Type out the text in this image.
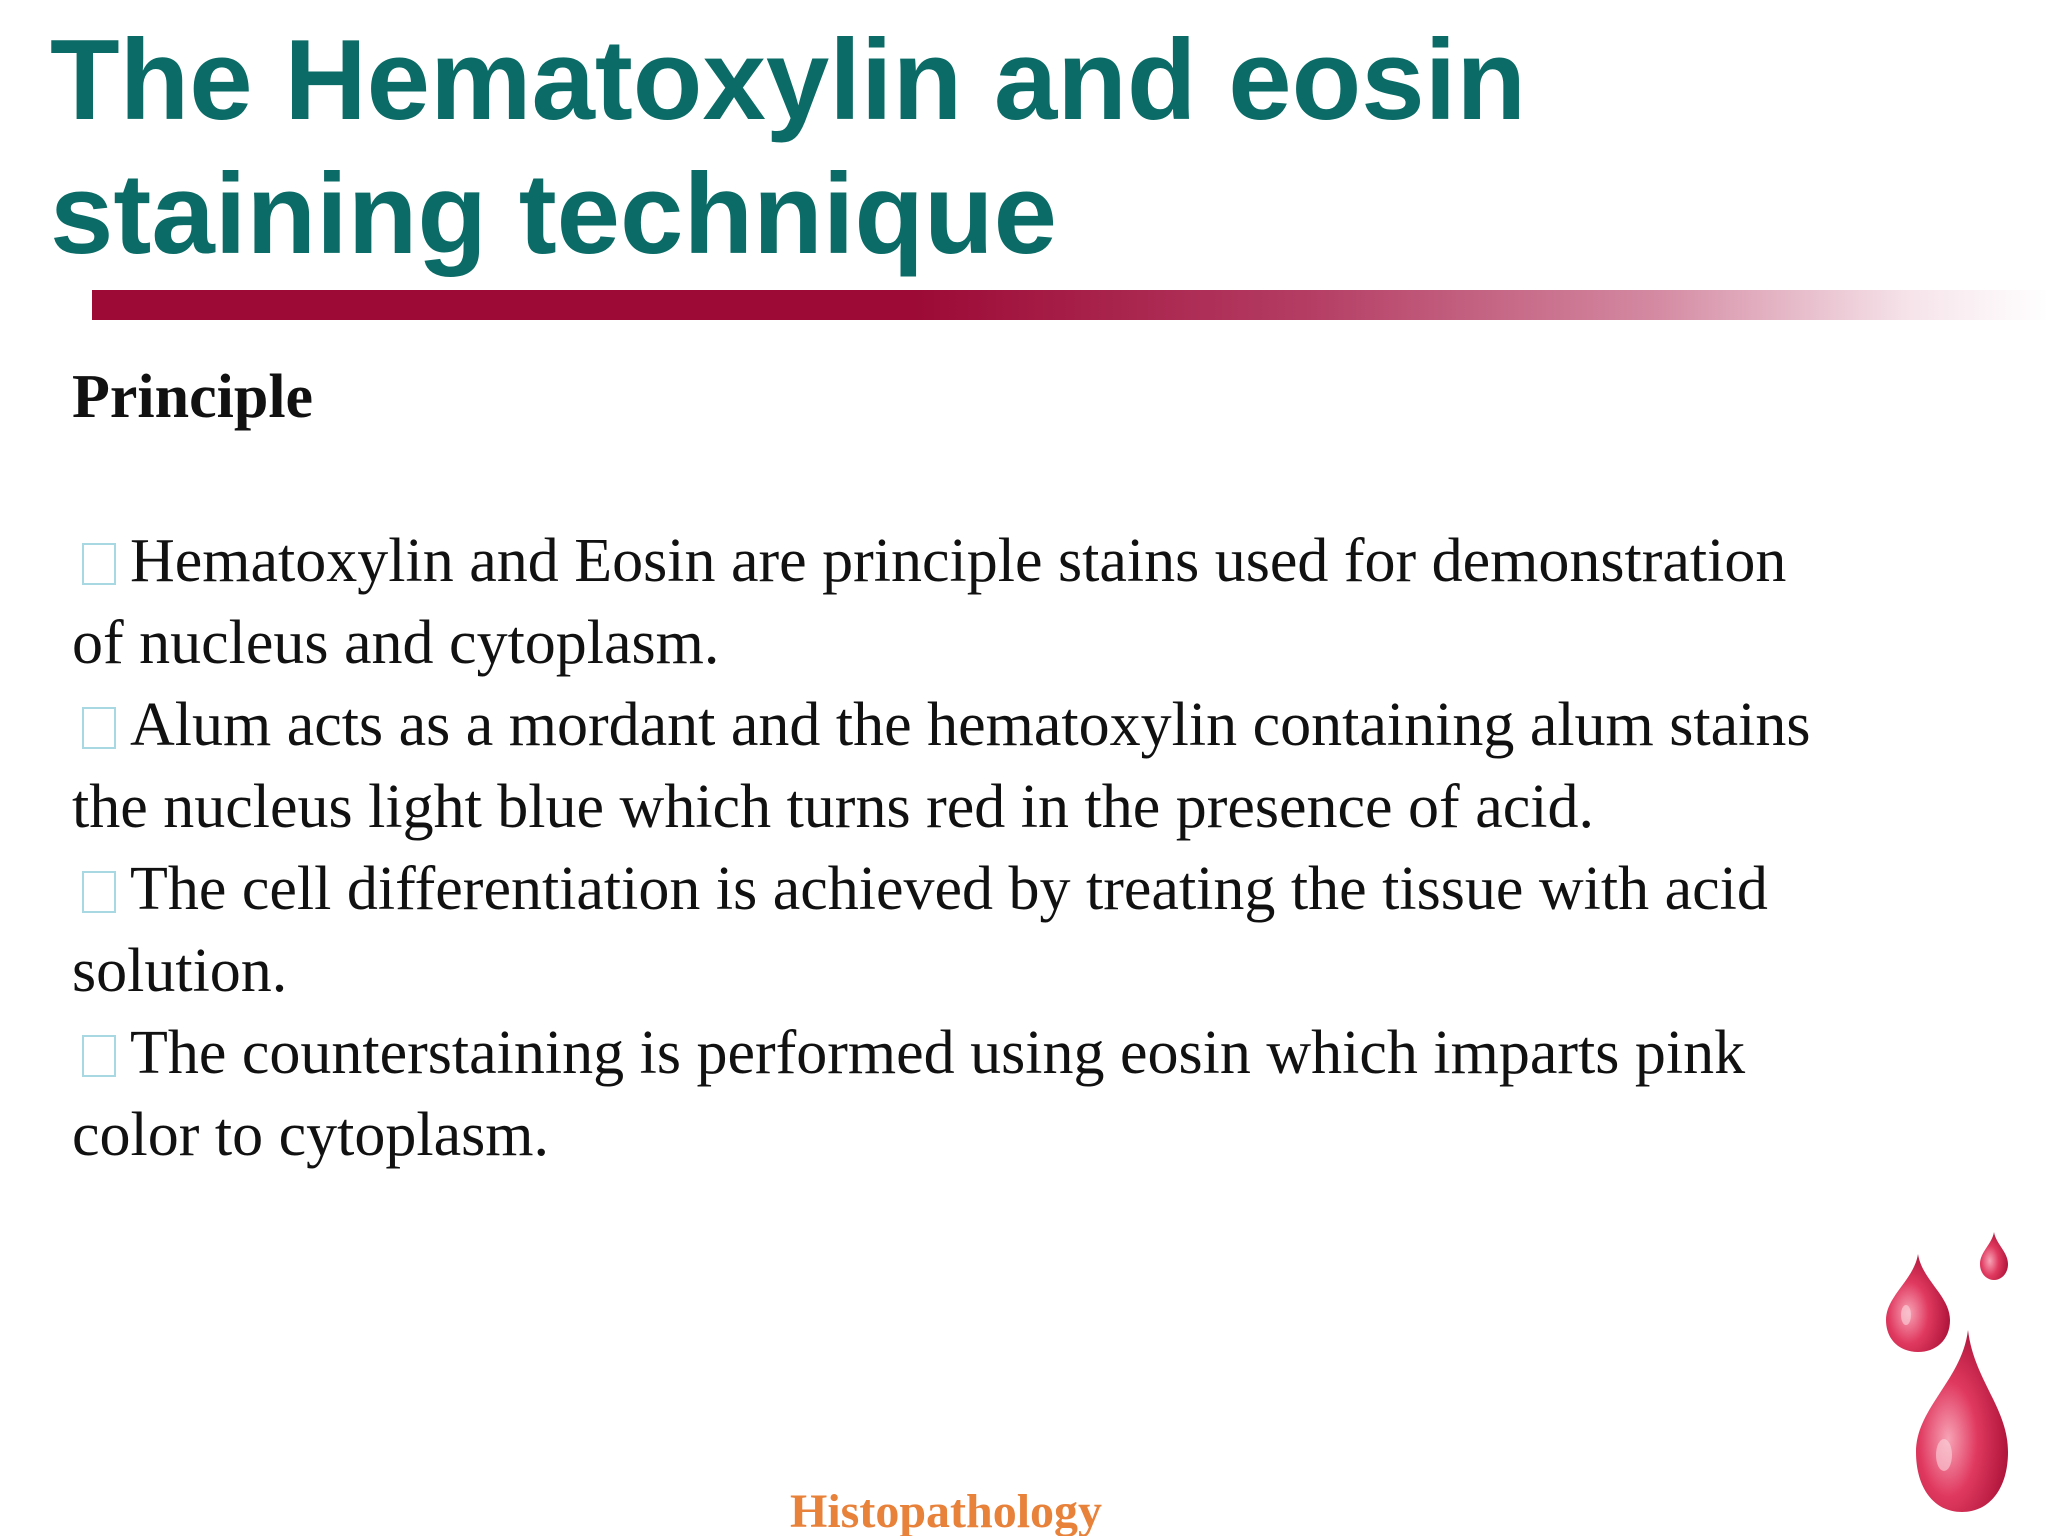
The Hematoxylin and eosin
staining technique
Principle

Hematoxylin and Eosin are principle stains used for demonstration
of nucleus and cytoplasm.

Alum acts as a mordant and the hematoxylin containing alum stains
the nucleus light blue which turns red in the presence of acid.

The cell differentiation is achieved by treating the tissue with acid
solution.

The counterstaining is performed using eosin which imparts pink
color to cytoplasm.

Histopathology
